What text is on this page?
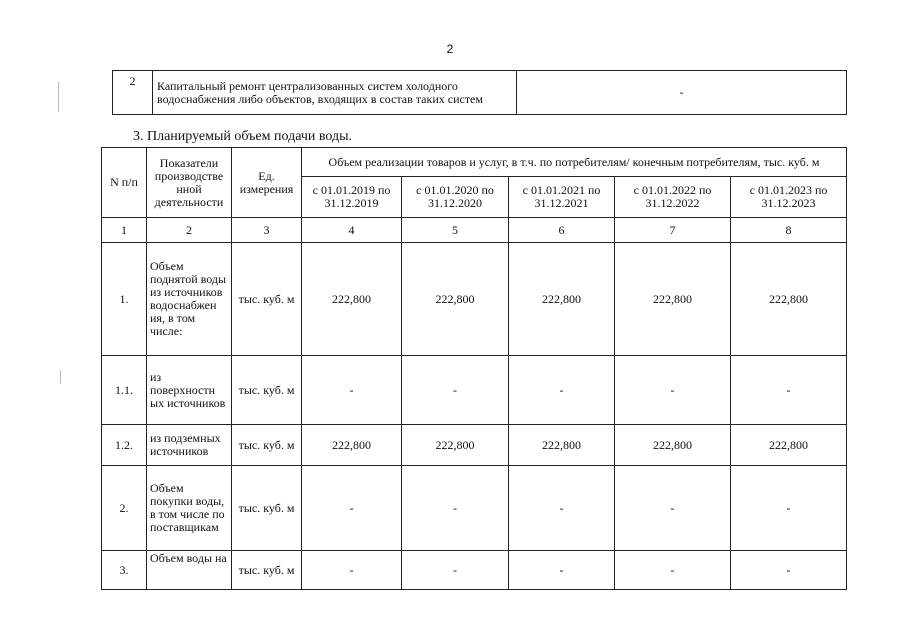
2
2	Капитальный ремонт централизованных систем холодного водоснабжения либо объектов, входящих в состав таких систем	-
3. Планируемый объем подачи воды.
N п/п	Показатели производстве нной деятельности	Ед. измерения	Объем реализации товаров и услуг, в т.ч. по потребителям/ конечным потребителям, тыс. куб. м				
			с 01.01.2019 по 31.12.2019	с 01.01.2020 по 31.12.2020	с 01.01.2021 по 31.12.2021	с 01.01.2022 по 31.12.2022	с 01.01.2023 по 31.12.2023
1	2	3	4	5	6	7	8
1.	Объем поднятой воды из источников водоснабжен ия, в том числе:	тыс. куб. м	222,800	222,800	222,800	222,800	222,800
1.1.	из поверхностн ых источников	тыс. куб. м	-	-	-	-	-
1.2.	из подземных источников	тыс. куб. м	222,800	222,800	222,800	222,800	222,800
2.	Объем покупки воды, в том числе по поставщикам	тыс. куб. м	-	-	-	-	-
3.	Объем воды на	тыс. куб. м	-	-	-	-	-
